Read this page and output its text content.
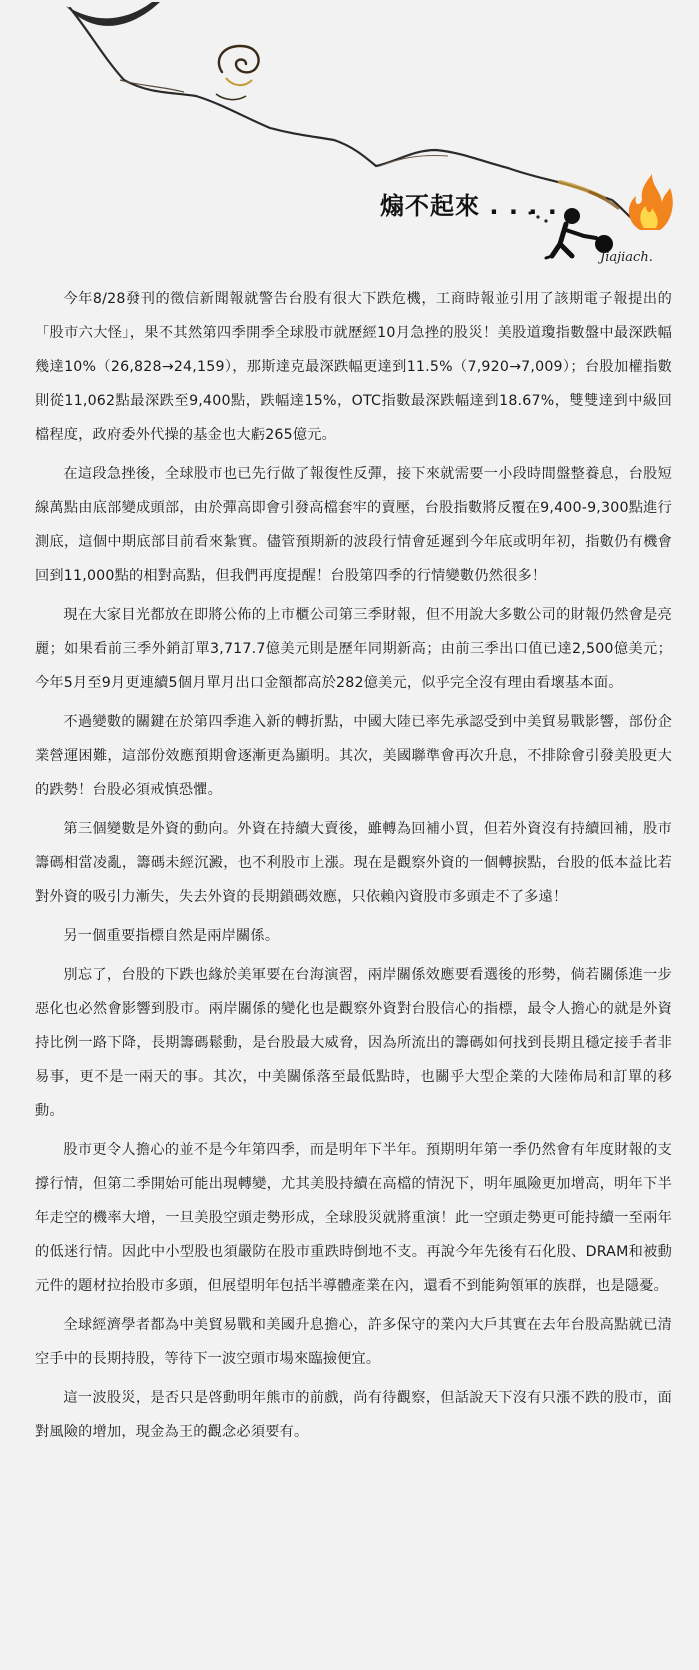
煽不起來 . . . .
Jiajiach.

今年8/28發刊的徵信新聞報就警告台股有很大下跌危機，工商時報並引用了該期電子報提出的「股市六大怪」，果不其然第四季開季全球股市就歷經10月急挫的股災！美股道瓊指數盤中最深跌幅幾達10%（26,828→24,159），那斯達克最深跌幅更達到11.5%（7,920→7,009）；台股加權指數則從11,062點最深跌至9,400點，跌幅達15%，OTC指數最深跌幅達到18.67%，雙雙達到中級回檔程度，政府委外代操的基金也大虧265億元。

在這段急挫後，全球股市也已先行做了報復性反彈，接下來就需要一小段時間盤整養息，台股短線萬點由底部變成頭部，由於彈高即會引發高檔套牢的賣壓，台股指數將反覆在9,400-9,300點進行測底，這個中期底部目前看來紮實。儘管預期新的波段行情會延遲到今年底或明年初，指數仍有機會回到11,000點的相對高點，但我們再度提醒！台股第四季的行情變數仍然很多！

現在大家目光都放在即將公佈的上市櫃公司第三季財報，但不用說大多數公司的財報仍然會是亮麗；如果看前三季外銷訂單3,717.7億美元則是歷年同期新高；由前三季出口值已達2,500億美元；今年5月至9月更連續5個月單月出口金額都高於282億美元，似乎完全沒有理由看壞基本面。

不過變數的關鍵在於第四季進入新的轉折點，中國大陸已率先承認受到中美貿易戰影響，部份企業營運困難，這部份效應預期會逐漸更為顯明。其次，美國聯準會再次升息，不排除會引發美股更大的跌勢！台股必須戒慎恐懼。

第三個變數是外資的動向。外資在持續大賣後，雖轉為回補小買，但若外資沒有持續回補，股市籌碼相當凌亂，籌碼未經沉澱，也不利股市上漲。現在是觀察外資的一個轉捩點，台股的低本益比若對外資的吸引力漸失，失去外資的長期鎖碼效應，只依賴內資股市多頭走不了多遠！

另一個重要指標自然是兩岸關係。

別忘了，台股的下跌也緣於美軍要在台海演習，兩岸關係效應要看選後的形勢，倘若關係進一步惡化也必然會影響到股市。兩岸關係的變化也是觀察外資對台股信心的指標，最令人擔心的就是外資持比例一路下降，長期籌碼鬆動，是台股最大威脅，因為所流出的籌碼如何找到長期且穩定接手者非易事，更不是一兩天的事。其次，中美關係落至最低點時，也關乎大型企業的大陸佈局和訂單的移動。

股市更令人擔心的並不是今年第四季，而是明年下半年。預期明年第一季仍然會有年度財報的支撐行情，但第二季開始可能出現轉變，尤其美股持續在高檔的情況下，明年風險更加增高，明年下半年走空的機率大增，一旦美股空頭走勢形成，全球股災就將重演！此一空頭走勢更可能持續一至兩年的低迷行情。因此中小型股也須嚴防在股市重跌時倒地不支。再說今年先後有石化股、DRAM和被動元件的題材拉抬股市多頭，但展望明年包括半導體產業在內，還看不到能夠領軍的族群，也是隱憂。

全球經濟學者都為中美貿易戰和美國升息擔心，許多保守的業內大戶其實在去年台股高點就已清空手中的長期持股，等待下一波空頭市場來臨撿便宜。

這一波股災，是否只是啓動明年熊市的前戲，尚有待觀察，但話說天下沒有只漲不跌的股市，面對風險的增加，現金為王的觀念必須要有。
